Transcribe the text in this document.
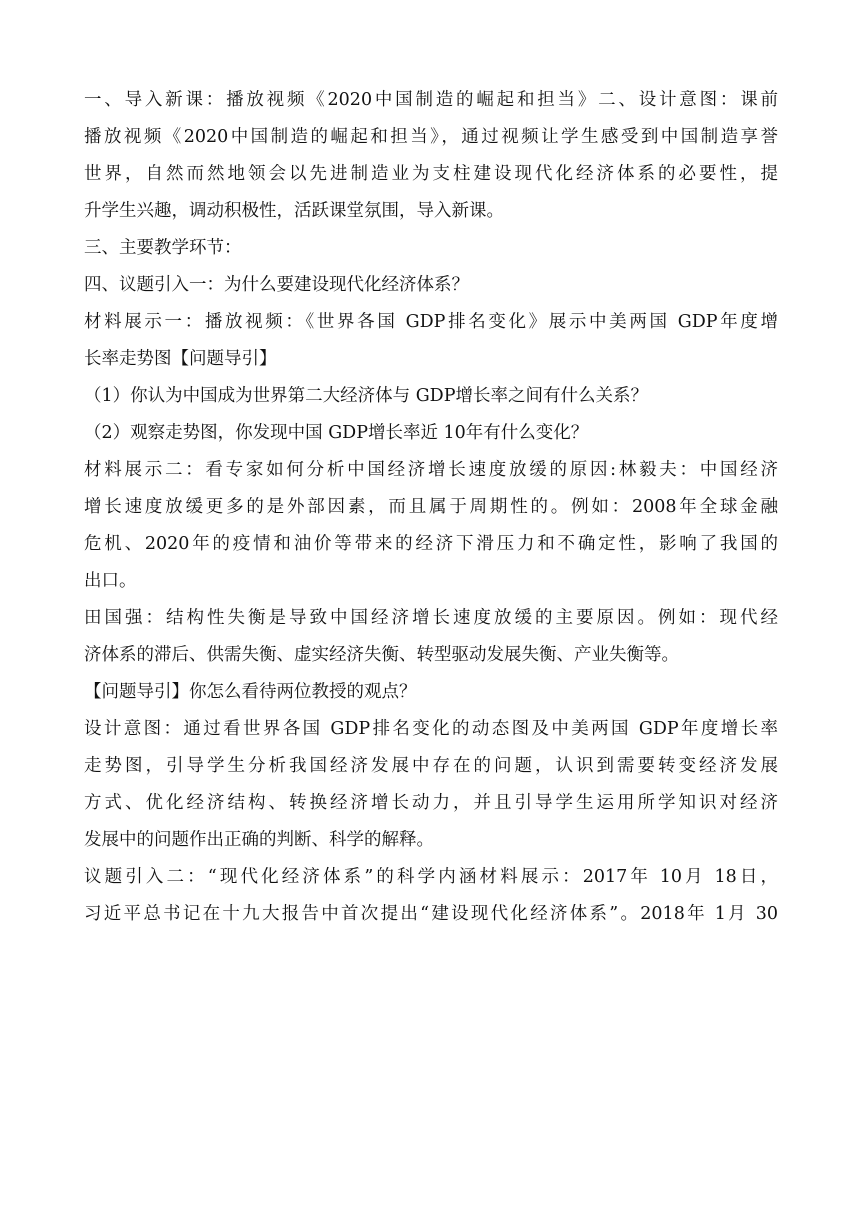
一、导入新课：播放视频《2020中国制造的崛起和担当》二、设计意图：课前
播放视频《2020中国制造的崛起和担当》，通过视频让学生感受到中国制造享誉
世界，自然而然地领会以先进制造业为支柱建设现代化经济体系的必要性，提
升学生兴趣，调动积极性，活跃课堂氛围，导入新课。
三、主要教学环节：
四、议题引入一：为什么要建设现代化经济体系？
材料展示一：播放视频：《世界各国 GDP排名变化》展示中美两国 GDP年度增
长率走势图【问题导引】
（1）你认为中国成为世界第二大经济体与 GDP增长率之间有什么关系？
（2）观察走势图，你发现中国 GDP增长率近 10年有什么变化？
材料展示二：看专家如何分析中国经济增长速度放缓的原因:林毅夫：中国经济
增长速度放缓更多的是外部因素，而且属于周期性的。例如：2008年全球金融
危机、2020年的疫情和油价等带来的经济下滑压力和不确定性，影响了我国的
出口。
田国强：结构性失衡是导致中国经济增长速度放缓的主要原因。例如：现代经
济体系的滞后、供需失衡、虚实经济失衡、转型驱动发展失衡、产业失衡等。
【问题导引】你怎么看待两位教授的观点？
设计意图：通过看世界各国 GDP排名变化的动态图及中美两国 GDP年度增长率
走势图，引导学生分析我国经济发展中存在的问题，认识到需要转变经济发展
方式、优化经济结构、转换经济增长动力，并且引导学生运用所学知识对经济
发展中的问题作出正确的判断、科学的解释。
议题引入二：“现代化经济体系”的科学内涵材料展示：2017年 10月 18日，
习近平总书记在十九大报告中首次提出“建设现代化经济体系”。2018年 1月 30
